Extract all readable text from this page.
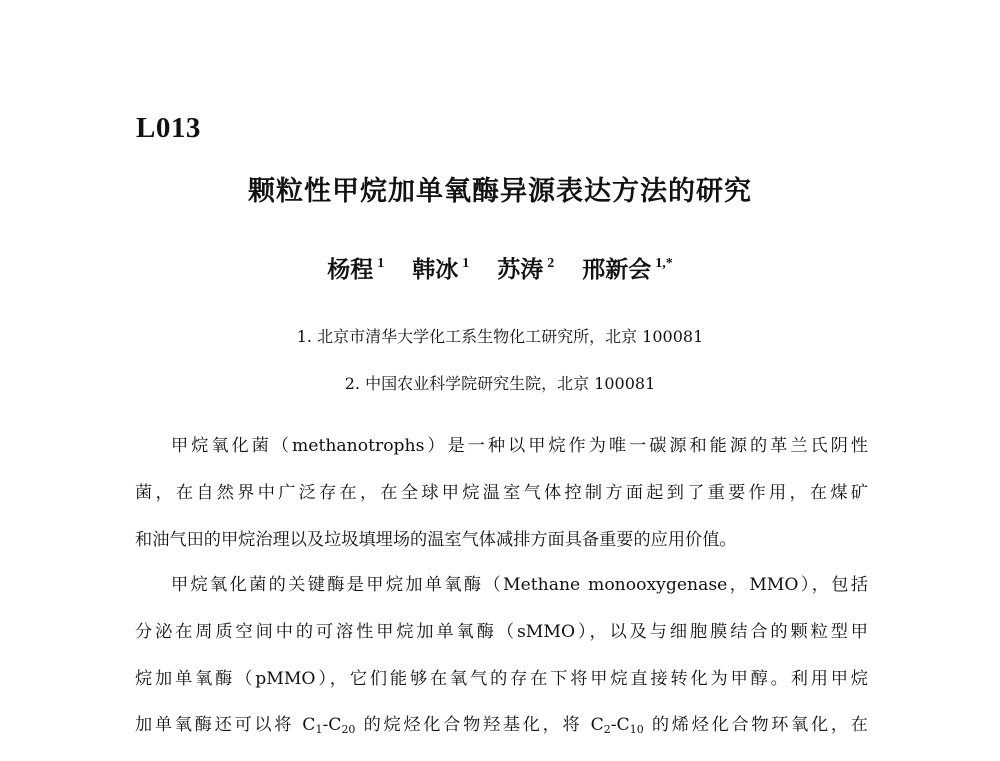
L013
颗粒性甲烷加单氧酶异源表达方法的研究
杨程 $^1$ 韩冰 $^1$ 苏涛 $^2$ 邢新会 $^{1,*}$
1. 北京市清华大学化工系生物化工研究所，北京 100081
2. 中国农业科学院研究生院，北京 100081
甲烷氧化菌（methanotrophs）是一种以甲烷作为唯一碳源和能源的革兰氏阴性
菌，在自然界中广泛存在，在全球甲烷温室气体控制方面起到了重要作用，在煤矿
和油气田的甲烷治理以及垃圾填埋场的温室气体减排方面具备重要的应用价值。
甲烷氧化菌的关键酶是甲烷加单氧酶（Methane monooxygenase，MMO），包括
分泌在周质空间中的可溶性甲烷加单氧酶（sMMO），以及与细胞膜结合的颗粒型甲
烷加单氧酶（pMMO），它们能够在氧气的存在下将甲烷直接转化为甲醇。利用甲烷
加单氧酶还可以将 $C_1-C_{20}$ 的烷烃化合物羟基化，将 $C_2-C_{10}$ 的烯烃化合物环氧化，在
